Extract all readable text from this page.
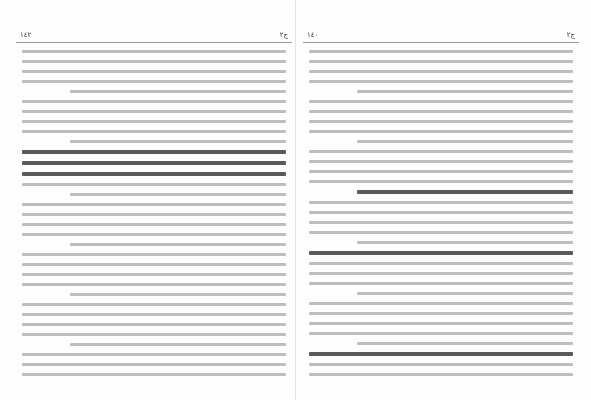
١٤٢	ج٢	١٤٠	ج٢
